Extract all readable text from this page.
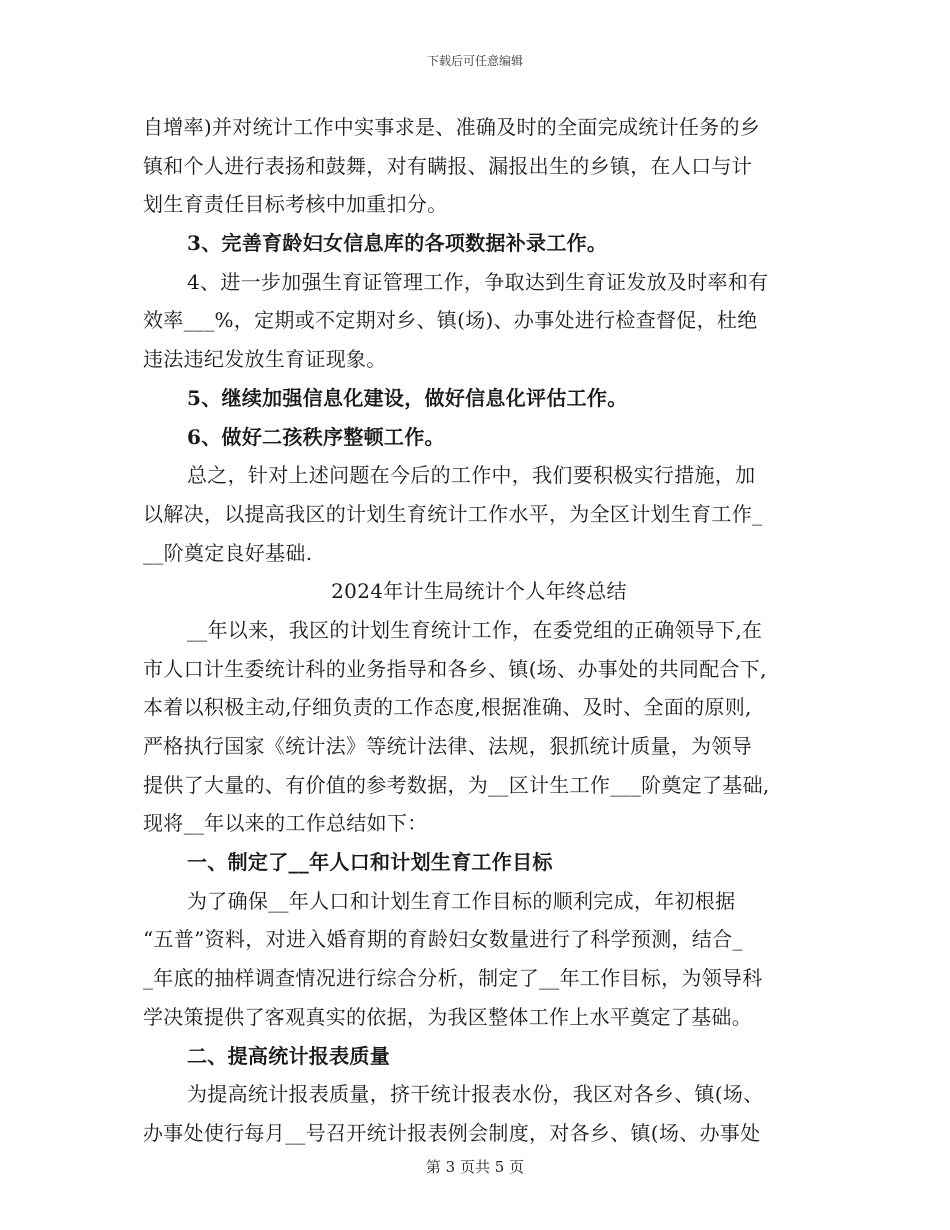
下载后可任意编辑
自增率)并对统计工作中实事求是、准确及时的全面完成统计任务的乡
镇和个人进行表扬和鼓舞，对有瞒报、漏报出生的乡镇，在人口与计
划生育责任目标考核中加重扣分。
3、完善育龄妇女信息库的各项数据补录工作。
4、进一步加强生育证管理工作，争取达到生育证发放及时率和有
效率___%，定期或不定期对乡、镇(场)、办事处进行检查督促，杜绝
违法违纪发放生育证现象。
5、继续加强信息化建设，做好信息化评估工作。
6、做好二孩秩序整顿工作。
总之，针对上述问题在今后的工作中，我们要积极实行措施，加
以解决，以提高我区的计划生育统计工作水平，为全区计划生育工作_
__阶奠定良好基础.
2024年计生局统计个人年终总结
__年以来，我区的计划生育统计工作，在委党组的正确领导下,在
市人口计生委统计科的业务指导和各乡、镇(场、办事处的共同配合下,
本着以积极主动,仔细负责的工作态度,根据准确、及时、全面的原则,
严格执行国家《统计法》等统计法律、法规，狠抓统计质量，为领导
提供了大量的、有价值的参考数据，为__区计生工作___阶奠定了基础,
现将__年以来的工作总结如下：
一、制定了__年人口和计划生育工作目标
为了确保__年人口和计划生育工作目标的顺利完成，年初根据
“五普”资料，对进入婚育期的育龄妇女数量进行了科学预测，结合_
_年底的抽样调查情况进行综合分析，制定了__年工作目标，为领导科
学决策提供了客观真实的依据，为我区整体工作上水平奠定了基础。
二、提高统计报表质量
为提高统计报表质量，挤干统计报表水份，我区对各乡、镇(场、
办事处使行每月__号召开统计报表例会制度，对各乡、镇(场、办事处
第 3 页共 5 页
